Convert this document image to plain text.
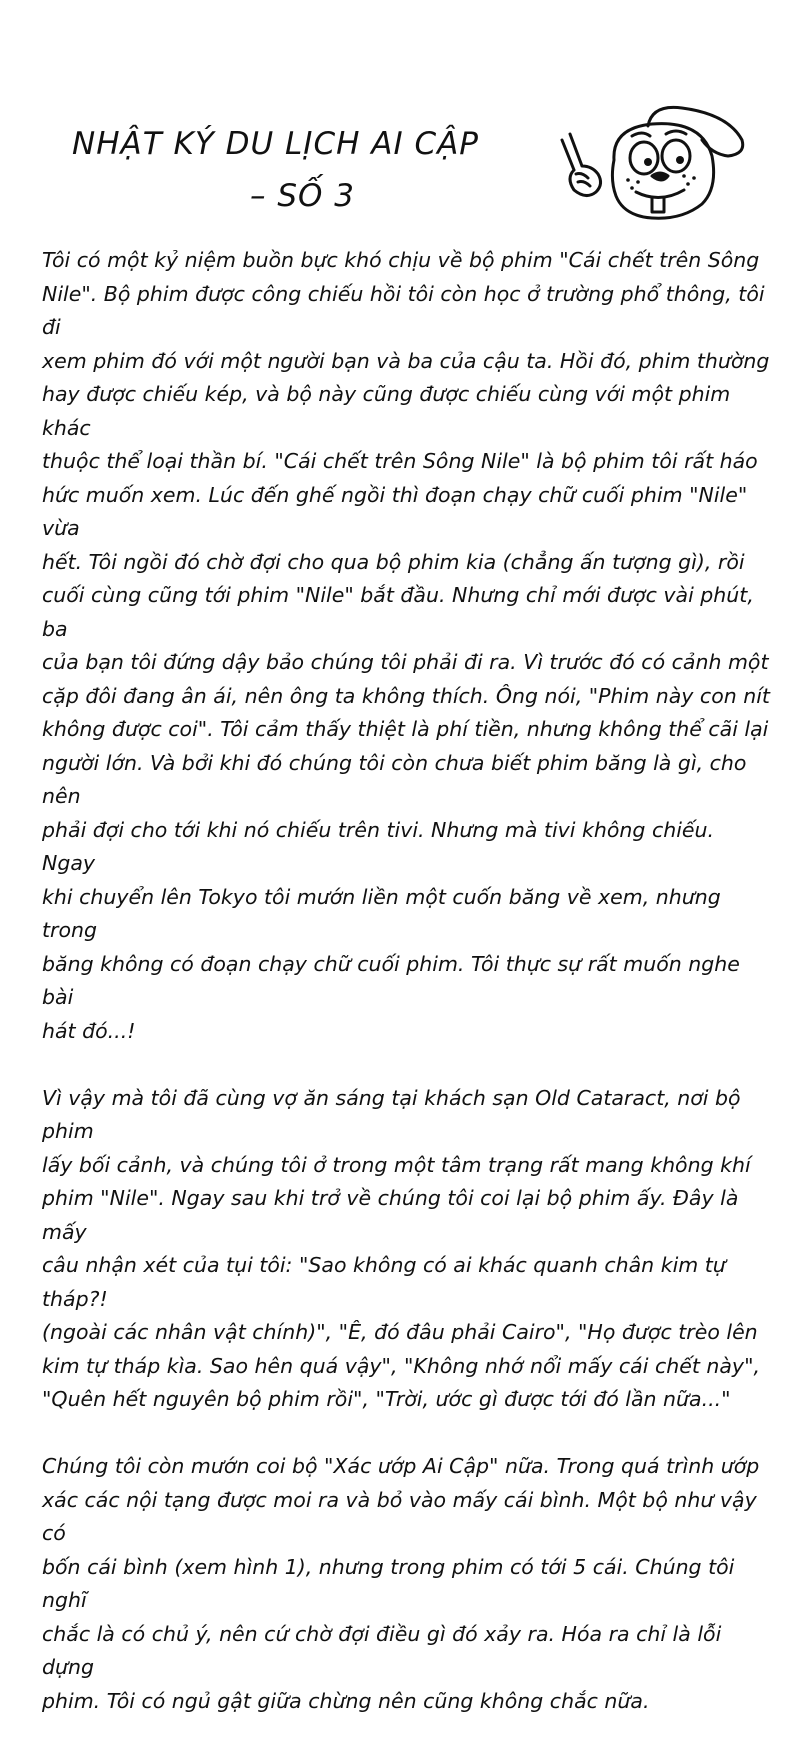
NHẬT KÝ DU LỊCH AI CẬP
– SỐ 3

Tôi có một kỷ niệm buồn bực khó chịu về bộ phim "Cái chết trên Sông
Nile". Bộ phim được công chiếu hồi tôi còn học ở trường phổ thông, tôi đi
xem phim đó với một người bạn và ba của cậu ta. Hồi đó, phim thường
hay được chiếu kép, và bộ này cũng được chiếu cùng với một phim khác
thuộc thể loại thần bí. "Cái chết trên Sông Nile" là bộ phim tôi rất háo
hức muốn xem. Lúc đến ghế ngồi thì đoạn chạy chữ cuối phim "Nile" vừa
hết. Tôi ngồi đó chờ đợi cho qua bộ phim kia (chẳng ấn tượng gì), rồi
cuối cùng cũng tới phim "Nile" bắt đầu. Nhưng chỉ mới được vài phút, ba
của bạn tôi đứng dậy bảo chúng tôi phải đi ra. Vì trước đó có cảnh một
cặp đôi đang ân ái, nên ông ta không thích. Ông nói, "Phim này con nít
không được coi". Tôi cảm thấy thiệt là phí tiền, nhưng không thể cãi lại
người lớn. Và bởi khi đó chúng tôi còn chưa biết phim băng là gì, cho nên
phải đợi cho tới khi nó chiếu trên tivi. Nhưng mà tivi không chiếu. Ngay
khi chuyển lên Tokyo tôi mướn liền một cuốn băng về xem, nhưng trong
băng không có đoạn chạy chữ cuối phim. Tôi thực sự rất muốn nghe bài
hát đó...!

Vì vậy mà tôi đã cùng vợ ăn sáng tại khách sạn Old Cataract, nơi bộ phim
lấy bối cảnh, và chúng tôi ở trong một tâm trạng rất mang không khí
phim "Nile". Ngay sau khi trở về chúng tôi coi lại bộ phim ấy. Đây là mấy
câu nhận xét của tụi tôi: "Sao không có ai khác quanh chân kim tự tháp?!
(ngoài các nhân vật chính)", "Ê, đó đâu phải Cairo", "Họ được trèo lên
kim tự tháp kìa. Sao hên quá vậy", "Không nhớ nổi mấy cái chết này",
"Quên hết nguyên bộ phim rồi", "Trời, ước gì được tới đó lần nữa..."

Chúng tôi còn mướn coi bộ "Xác ướp Ai Cập" nữa. Trong quá trình ướp
xác các nội tạng được moi ra và bỏ vào mấy cái bình. Một bộ như vậy có
bốn cái bình (xem hình 1), nhưng trong phim có tới 5 cái. Chúng tôi nghĩ
chắc là có chủ ý, nên cứ chờ đợi điều gì đó xảy ra. Hóa ra chỉ là lỗi dựng
phim. Tôi có ngủ gật giữa chừng nên cũng không chắc nữa.
